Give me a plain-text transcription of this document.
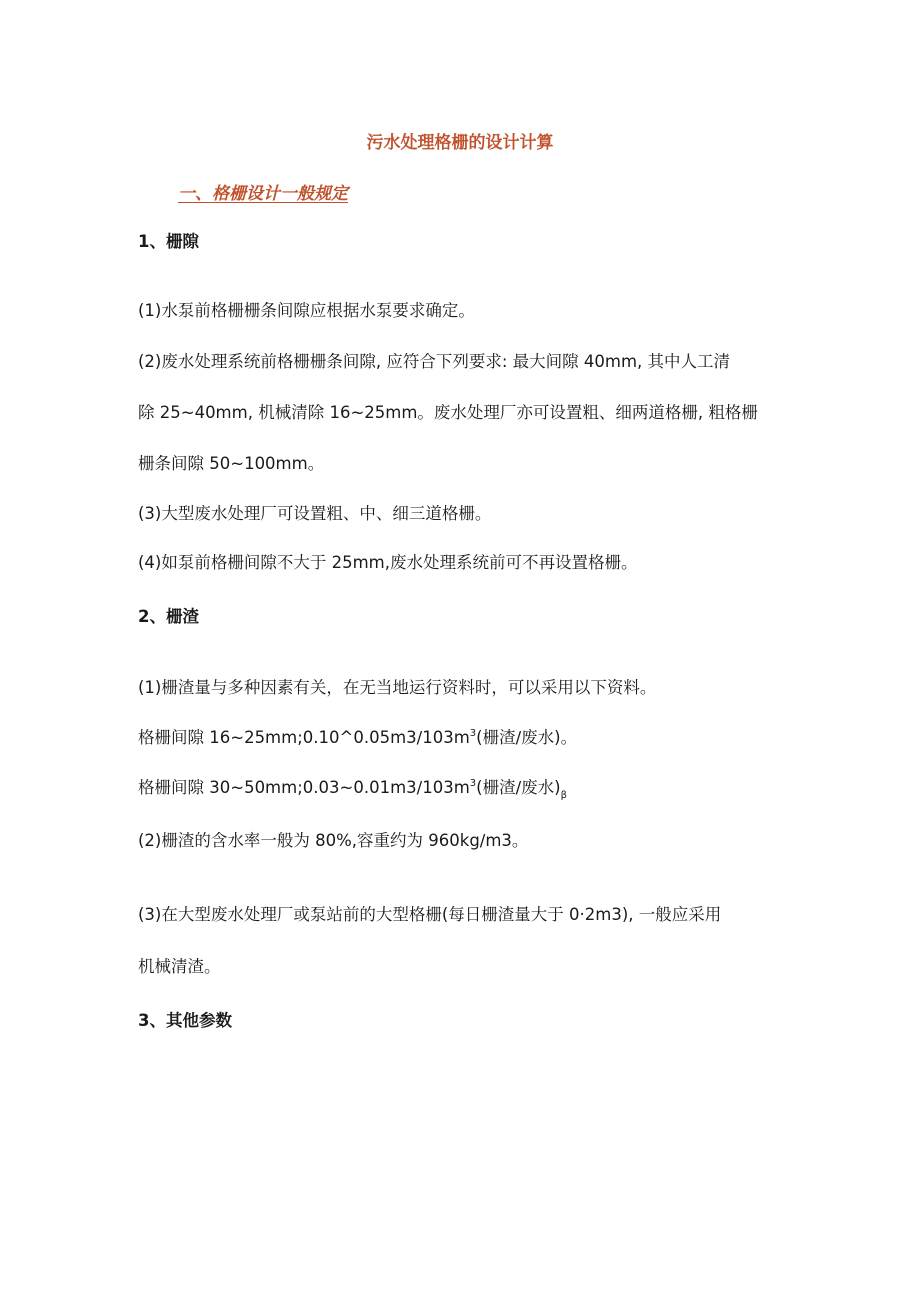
污水处理格栅的设计计算
一、格栅设计一般规定
1、栅隙
(1)水泵前格栅栅条间隙应根据水泵要求确定。
(2)废水处理系统前格栅栅条间隙, 应符合下列要求: 最大间隙 40mm, 其中人工清
除 25~40mm, 机械清除 16~25mm。废水处理厂亦可设置粗、细两道格栅, 粗格栅
栅条间隙 50~100mm。
(3)大型废水处理厂可设置粗、中、细三道格栅。
(4)如泵前格栅间隙不大于 25mm,废水处理系统前可不再设置格栅。
2、栅渣
(1)栅渣量与多种因素有关，在无当地运行资料时，可以采用以下资料。
格栅间隙 $16\sim 25mm;0.10\^{}0.05m3∕103m^3$(栅渣∕废水)。
格栅间隙 $30\sim 50mm;0.03\sim 0.01m3∕103m^3$(栅渣∕废水)$_\beta$
(2)栅渣的含水率一般为 80%,容重约为 960kg∕m3。
(3)在大型废水处理厂或泵站前的大型格栅(每日栅渣量大于 0·2m3), 一般应采用
机械清渣。
3、其他参数
